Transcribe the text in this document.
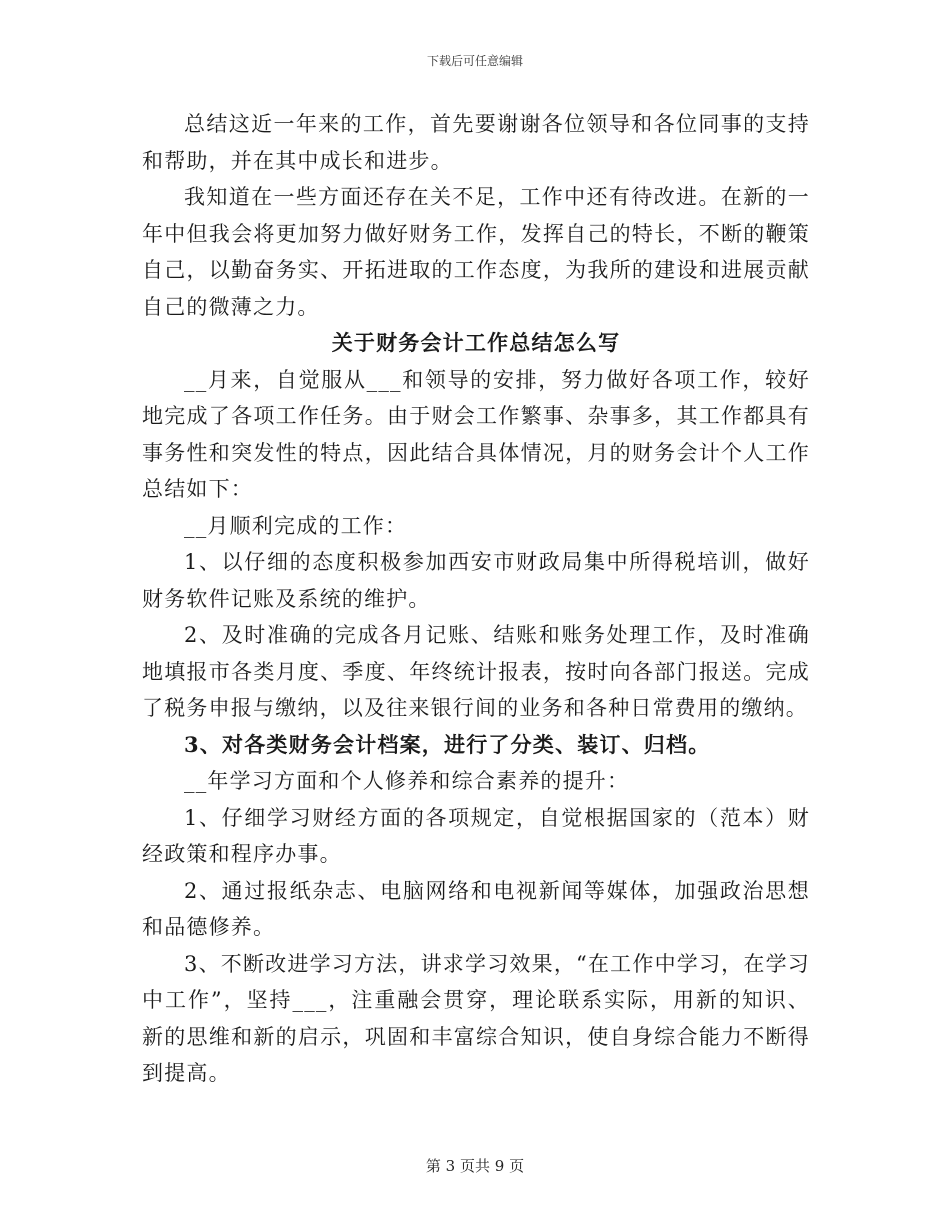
下载后可任意编辑

总结这近一年来的工作，首先要谢谢各位领导和各位同事的支持和帮助，并在其中成长和进步。

我知道在一些方面还存在关不足，工作中还有待改进。在新的一年中但我会将更加努力做好财务工作，发挥自己的特长，不断的鞭策自己，以勤奋务实、开拓进取的工作态度，为我所的建设和进展贡献自己的微薄之力。

关于财务会计工作总结怎么写

__月来，自觉服从___和领导的安排，努力做好各项工作，较好地完成了各项工作任务。由于财会工作繁事、杂事多，其工作都具有事务性和突发性的特点，因此结合具体情况，月的财务会计个人工作总结如下：

__月顺利完成的工作：

1、以仔细的态度积极参加西安市财政局集中所得税培训，做好财务软件记账及系统的维护。

2、及时准确的完成各月记账、结账和账务处理工作，及时准确地填报市各类月度、季度、年终统计报表，按时向各部门报送。完成了税务申报与缴纳，以及往来银行间的业务和各种日常费用的缴纳。

3、对各类财务会计档案，进行了分类、装订、归档。

__年学习方面和个人修养和综合素养的提升：

1、仔细学习财经方面的各项规定，自觉根据国家的（范本）财经政策和程序办事。

2、通过报纸杂志、电脑网络和电视新闻等媒体，加强政治思想和品德修养。

3、不断改进学习方法，讲求学习效果，“在工作中学习，在学习中工作”，坚持___，注重融会贯穿，理论联系实际，用新的知识、新的思维和新的启示，巩固和丰富综合知识，使自身综合能力不断得到提高。

第 3 页共 9 页
